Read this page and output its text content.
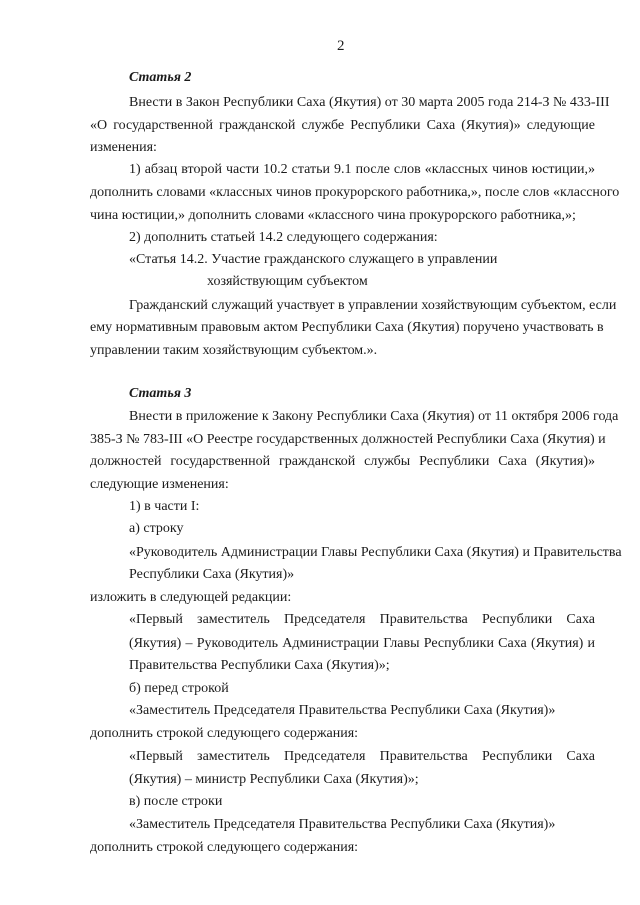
2
Статья 2
Внести в Закон Республики Саха (Якутия) от 30 марта 2005 года 214-З № 433-III
«О государственной гражданской службе Республики Саха (Якутия)» следующие
изменения:
1) абзац второй части 10.2 статьи 9.1 после слов «классных чинов юстиции,»
дополнить словами «классных чинов прокурорского работника,», после слов «классного
чина юстиции,» дополнить словами «классного чина прокурорского работника,»;
2) дополнить статьей 14.2 следующего содержания:
«Статья 14.2. Участие гражданского служащего в управлении
хозяйствующим субъектом
Гражданский служащий участвует в управлении хозяйствующим субъектом, если
ему нормативным правовым актом Республики Саха (Якутия) поручено участвовать в
управлении таким хозяйствующим субъектом.».
Статья 3
Внести в приложение к Закону Республики Саха (Якутия) от 11 октября 2006 года
385-З № 783-III «О Реестре государственных должностей Республики Саха (Якутия) и
должностей государственной гражданской службы Республики Саха (Якутия)»
следующие изменения:
1) в части I:
а) строку
«Руководитель Администрации Главы Республики Саха (Якутия) и Правительства
Республики Саха (Якутия)»
изложить в следующей редакции:
«Первый заместитель Председателя Правительства Республики Саха
(Якутия) – Руководитель Администрации Главы Республики Саха (Якутия) и
Правительства Республики Саха (Якутия)»;
б) перед строкой
«Заместитель Председателя Правительства Республики Саха (Якутия)»
дополнить строкой следующего содержания:
«Первый заместитель Председателя Правительства Республики Саха
(Якутия) – министр Республики Саха (Якутия)»;
в) после строки
«Заместитель Председателя Правительства Республики Саха (Якутия)»
дополнить строкой следующего содержания:
